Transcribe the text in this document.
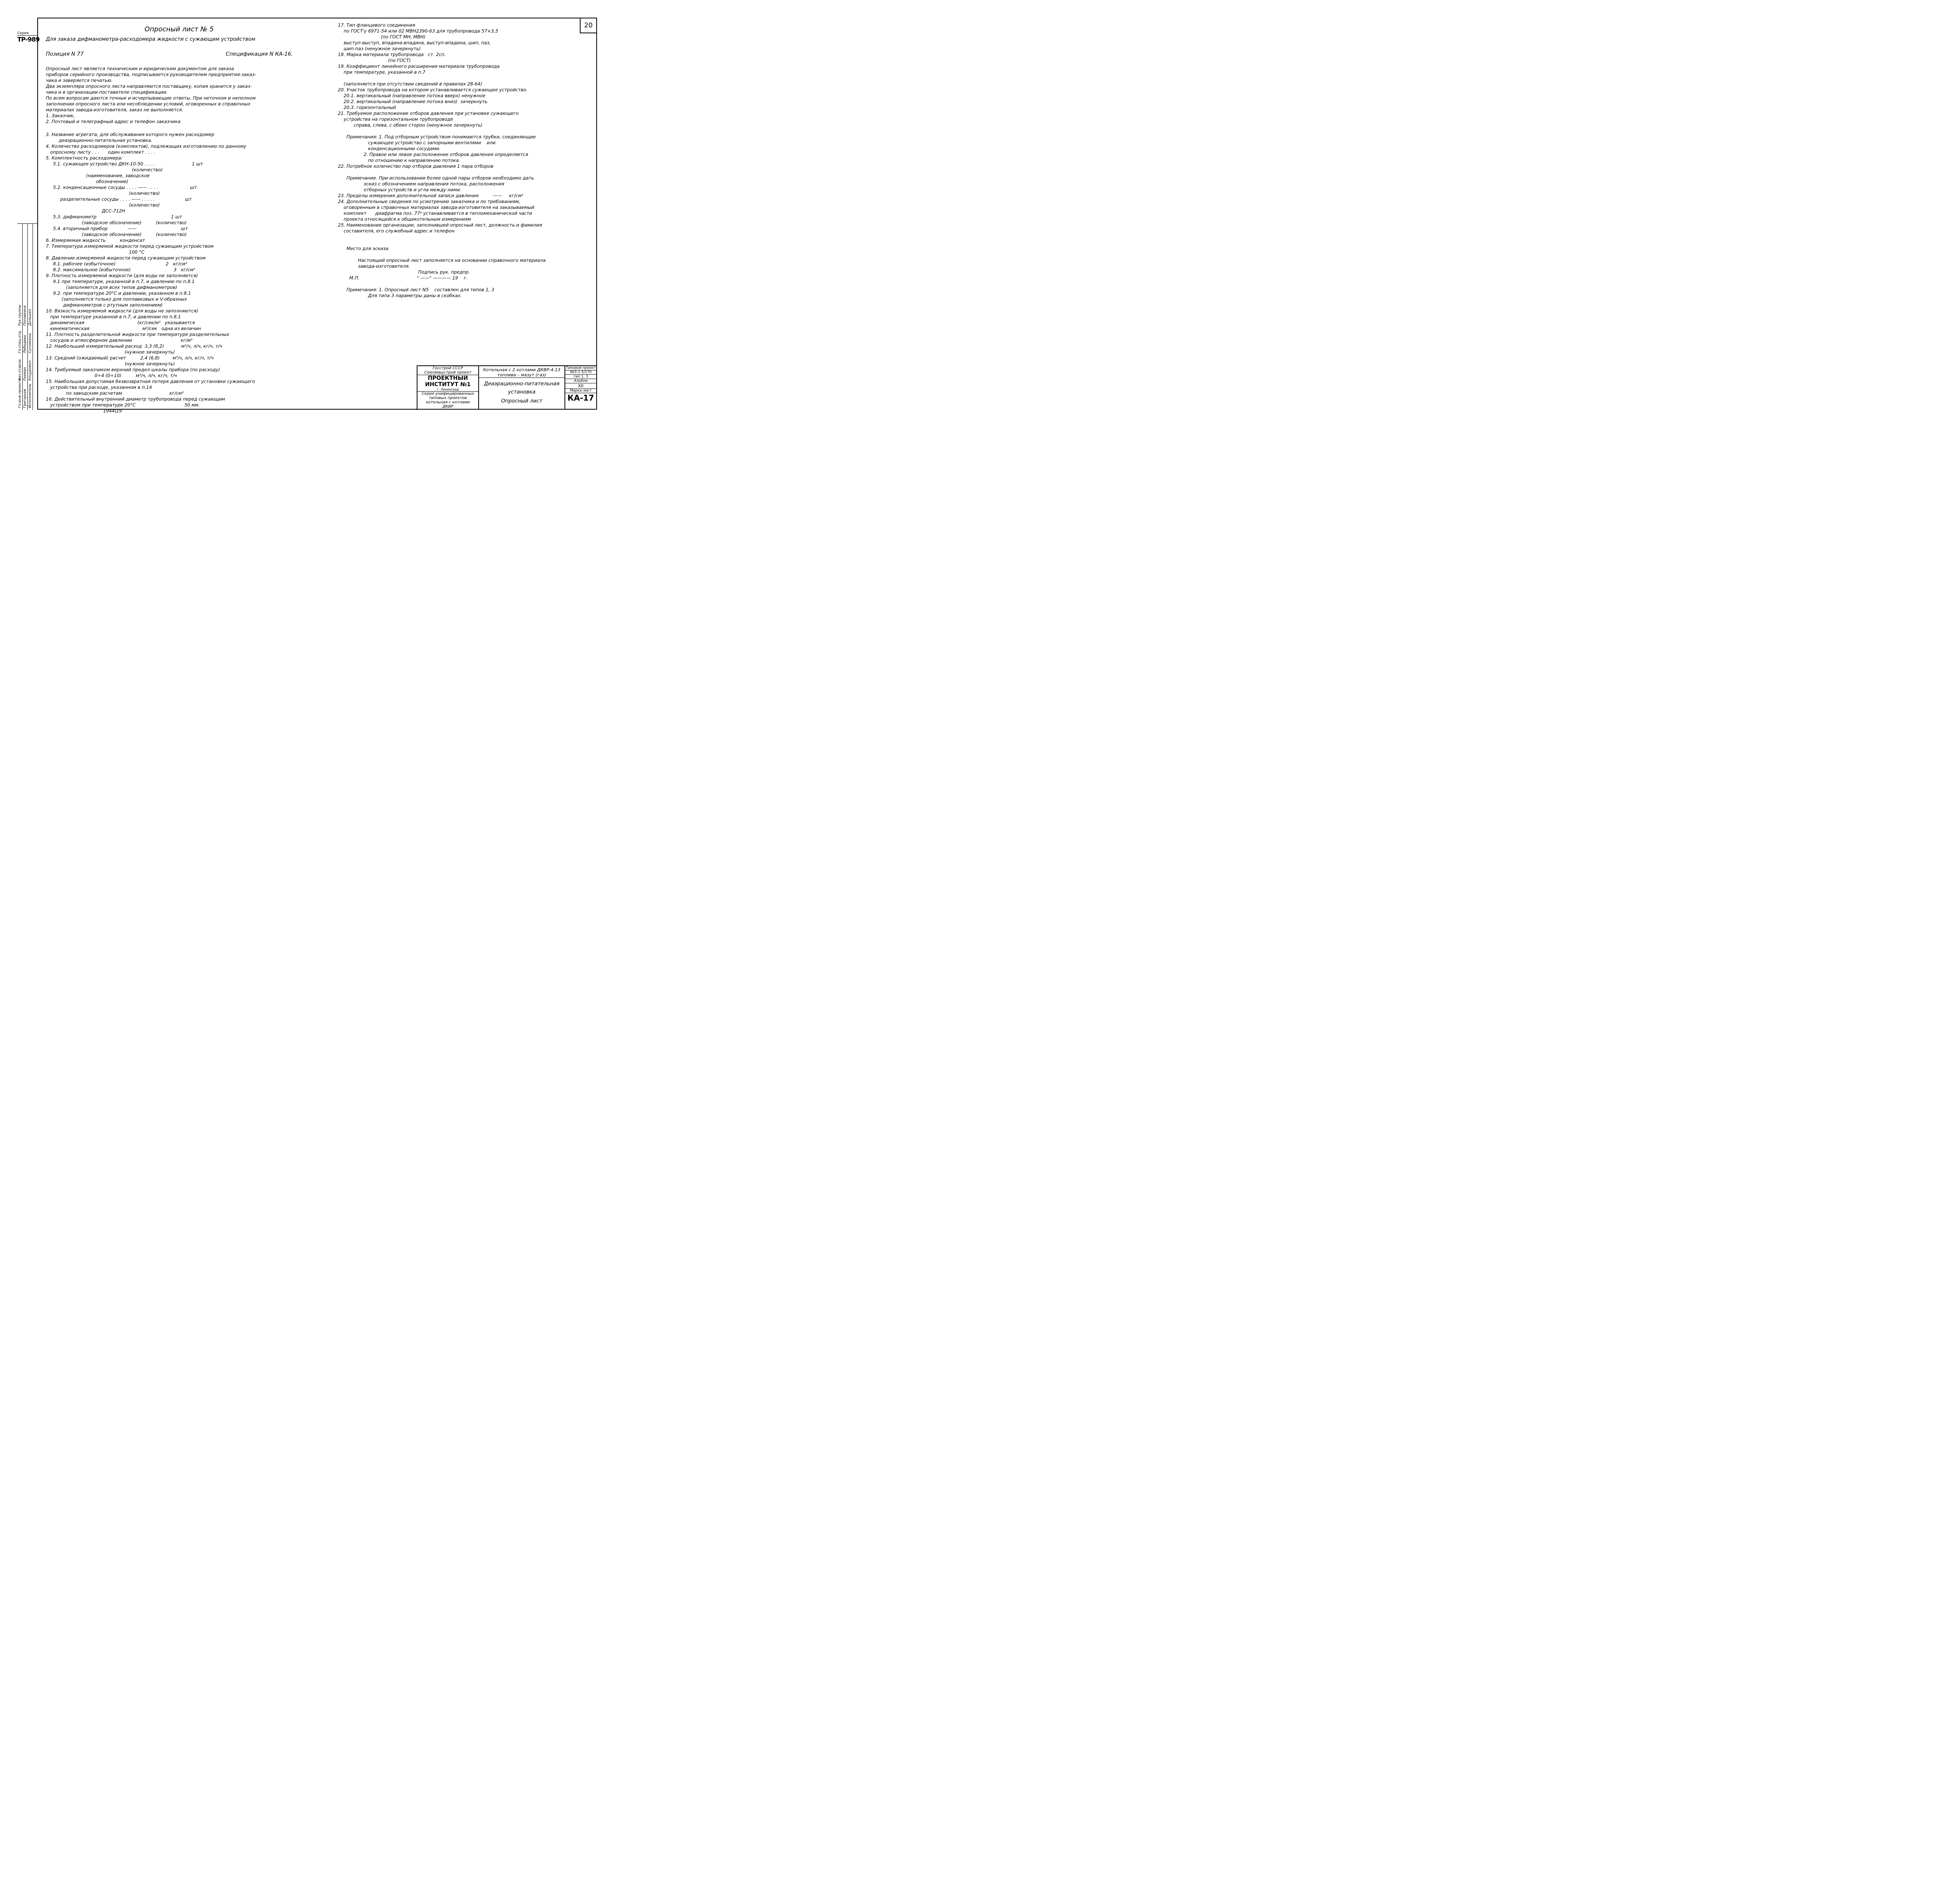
20
Опросный лист № 5
Для заказа дифманометра-расходомера жидкости с сужающим устройством
Позиция N 77	Спецификация N КА-16.
Опросный лист является техническим и юридическим документом для заказа
приборов серийного производства, подписывается руководителем предприятия-заказ-
чика и заверяется печатью.
Два экземпляра опросного листа направляются поставщику, копия хранится у заказ-
чика и в организации-поставителе спецификации.
По всем вопросам даются точные и исчерпывающие ответы. При неточном и неполном
заполнении опросного листа или несоблюдении условий, оговоренных в справочных
материалах завода-изготовителя, заказ не выполняется.
1. Заказчик,
2. Почтовый и телеграфный адрес и телефон заказчика
3. Название агрегата, для обслуживания которого нужен расходомер
деаэрационно-питательная установка.
4. Количество расходомеров (комплектов), подлежащих изготовлению по данному
опросному листу . . .      один комплект . . . .
5. Комплектность расходомера:
5.1. сужающее устройство ДКН-10-50 . . . .                          1 шт
(количество)
(наименование, заводское
обозначение)
5.2. конденсационные сосуды . . . . —— . . . .                      шт.
(количество)
разделительные сосуды . . . . —— . . . . .                     шт
(количество)
ДСС-712Н
5.3. дифманометр                                                    1 шт
(заводское обозначение)          (количество)
5.4. вторичный прибор              ——                               шт
(заводское обозначение)          (количество)
6. Измеряемая жидкость          конденсат
7. Температура измеряемой жидкости перед сужающим устройством
100 °С
8. Давление измеряемой жидкости перед сужающим устройством
8.1. рабочее (избыточное)                                   2   кг/см²
8.2. максимальное (избыточное)                              3   кг/см²
9. Плотность измеряемой жидкости (для воды не заполняется)
9.1 при температуре, указанной в п.7, и давлению по п.8.1
(заполняется для всех типов дифманометров)
9.2. при температуре 20°С и давлении, указанном в п.8.1
(заполняется только для поплавковых и V-образных
дифманометров с ртутным заполнением)
10. Вязкость измеряемой жидкости (для воды не заполняются)
при температуре указанной в п.7, и давлении по п.8.1
динамическая                                     (кг/сек/м²   указывается
кинематическая                                     м²/сек   одна из величин
11. Плотность разделительной жидкости при температуре разделительных
сосудов и атмосферном давлении                                  кг/м³
12. Наибольший измерительный расход  3,3 (8,2)            м³/ч, л/ч, кг/ч, т/ч
(нужное зачеркнуть)
13. Средний (ожидаемый) расчет          2,4 (6,8)         м³/ч, л/ч, кг/ч, т/ч
(нужное зачеркнуть)
14. Требуемый заказчиком верхний предел шкалы прибора (по расходу)
0÷4 (0÷10)          м³/ч, л/ч, кг/ч, т/ч
15. Наибольшая допустимая безвозвратная потеря давления от установки сужающего
устройства при расходе, указанном в п.14
по заводским расчетам                                 кг/см²
16. Действительный внутренний диаметр трубопровода перед сужающим
устройством при температуре 20°С                                  50 мм.
1944|19
17. Тип фланцевого соединения
по ГОСТ'у 6971-54 или 02 МВН2390-63 для трубопровода 57×3,5
(по ГОСТ МН, МВН)
выступ-выступ, впадина-впадина, выступ-впадина, шип, паз,
шип-паз (ненужное зачеркнуть)
18. Марка материала трубопровода   ст. 2сп.
(по ГОСТ)
19. Коэффициент линейного расширения материала трубопровода
при температуре, указанной в п.7

(заполняется при отсутствии сведений в правилах 28-64)
20. Участок трубопровода на котором устанавливается сужающее устройство.
20.1. вертикальный (направление потока вверх) ненужное
20.2. вертикальный (направление потока вниз)  зачеркнуть
20.3. горизонтальный
21. Требуемое расположение отборов давления при установке сужающего
устройства на горизонтальном трубопроводе
справа, слева, с обеих сторон (ненужное зачеркнуть)

Примечания: 1. Под отборным устройством понимаются трубки, соединяющие
сужающее устройство с запорными вентилями    или
конденсационными сосудами.
2. Правое или левое расположение отборов давления определяется
по отношению к направлению потока.
22. Потребное количество пар отборов давления 1 пара отборов

Примечание. При использовании более одной пары отборов необходимо дать
эскиз с обозначением направления потока, расположения
отборных устройств и угла между ними.
23. Пределы измерения дополнительной записи давления          ——     кг/см²
24. Дополнительные сведения по усмотрению заказчика и по требованиям,
оговоренным в справочных материалах завода-изготовителя на заказываемый
комплект      диафрагма поз. 77ᵃ устанавливается в тепломеханической части
проекта относящейся к общекотельным измерениям
25. Наименование организации, заполнившей опросный лист, должность и фамилия
составителя, его служебный адрес и телефон

Место для эскиза

Настоящий опросный лист заполняется на основании справочного материала
завода-изготовителя.
Подпись рук. предпр.
М.П.                                        " ——" ———— 19    г.

Примечания: 1. Опросный лист N5    составлен для типов 1, 3
Для типа 3 параметры даны в скобках.
Серия
ТР-989
Гл.инж.проекта
Нач.отдела
Гл.спец.отд.
Рук.группы
Григорьев
Рахман
Лебедева
Поповкина
Исполнитель
Коцуровол
Сусоихина
Дольшко
Госстрой СССР
Союзмашстрой проект
ПРОЕКТНЫЙ ИНСТИТУТ №1
г. Ленинград
Серия унифицированных
типовых проектов
котельная с котлами
ДКВР
Котельная с 2 котлами ДКВР-4-13
топлива – мазут (газ)
Деаэрационно-питательная
установка
Опросный лист
Типовой проект
903-1-5/170
тип 1, 3
Альбом
XII
Марка-лист
КА-17
